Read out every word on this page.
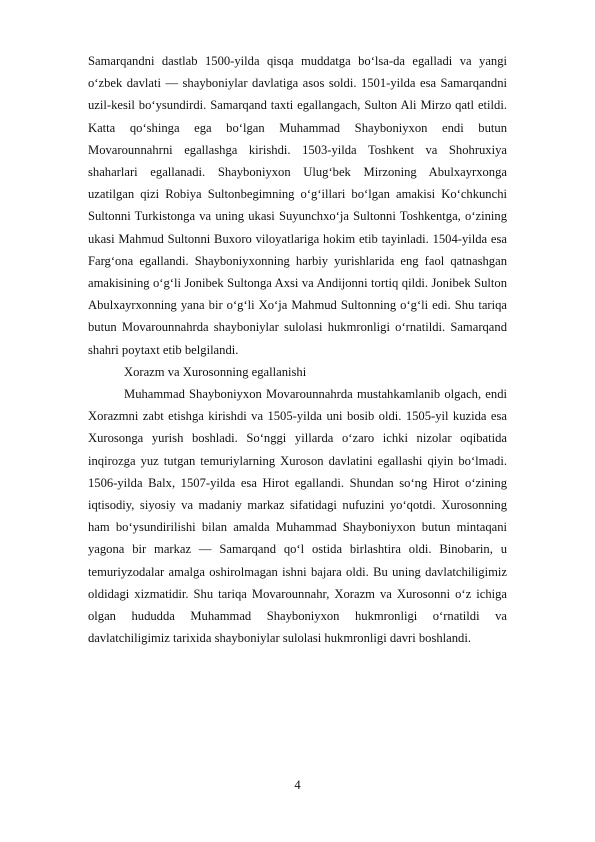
Samarqandni dastlab 1500-yilda qisqa muddatga bo‘lsa-da egalladi va yangi o‘zbek davlati — shayboniylar davlatiga asos soldi. 1501-yilda esa Samarqandni uzil-kesil bo‘ysundirdi. Samarqand taxti egallangach, Sulton Ali Mirzo qatl etildi. Katta qo‘shinga ega bo‘lgan Muhammad Shayboniyxon endi butun Movarounnahrni egallashga kirishdi. 1503-yilda Toshkent va Shohruxiya shaharlari egallanadi. Shayboniyxon Ulug‘bek Mirzoning Abulxayrxonga uzatilgan qizi Robiya Sultonbegimning o‘g‘illari bo‘lgan amakisi Ko‘chkunchi Sultonni Turkistonga va uning ukasi Suyunchxo‘ja Sultonni Toshkentga, o‘zining ukasi Mahmud Sultonni Buxoro viloyatlariga hokim etib tayinladi. 1504-yilda esa Farg‘ona egallandi. Shayboniyxonning harbiy yurishlarida eng faol qatnashgan amakisining o‘g‘li Jonibek Sultonga Axsi va Andijonni tortiq qildi. Jonibek Sulton Abulxayrxonning yana bir o‘g‘li Xo‘ja Mahmud Sultonning o‘g‘li edi. Shu tariqa butun Movarounnahrda shayboniylar sulolasi hukmronligi o‘rnatildi. Samarqand shahri poytaxt etib belgilandi.

Xorazm va Xurosonning egallanishi

Muhammad Shayboniyxon Movarounnahrda mustahkamlanib olgach, endi Xorazmni zabt etishga kirishdi va 1505-yilda uni bosib oldi. 1505-yil kuzida esa Xurosonga yurish boshladi. So‘nggi yillarda o‘zaro ichki nizolar oqibatida inqirozga yuz tutgan temuriylarning Xuroson davlatini egallashi qiyin bo‘lmadi. 1506-yilda Balx, 1507-yilda esa Hirot egallandi. Shundan so‘ng Hirot o‘zining iqtisodiy, siyosiy va madaniy markaz sifatidagi nufuzini yo‘qotdi. Xurosonning ham bo‘ysundirilishi bilan amalda Muhammad Shayboniyxon butun mintaqani yagona bir markaz — Samarqand qo‘l ostida birlashtira oldi. Binobarin, u temuriyzodalar amalga oshirolmagan ishni bajara oldi. Bu uning davlatchiligimiz oldidagi xizmatidir. Shu tariqa Movarounnahr, Xorazm va Xurosonni o‘z ichiga olgan hududda Muhammad Shayboniyxon hukmronligi o‘rnatildi va davlatchiligimiz tarixida shayboniylar sulolasi hukmronligi davri boshlandi.

4
